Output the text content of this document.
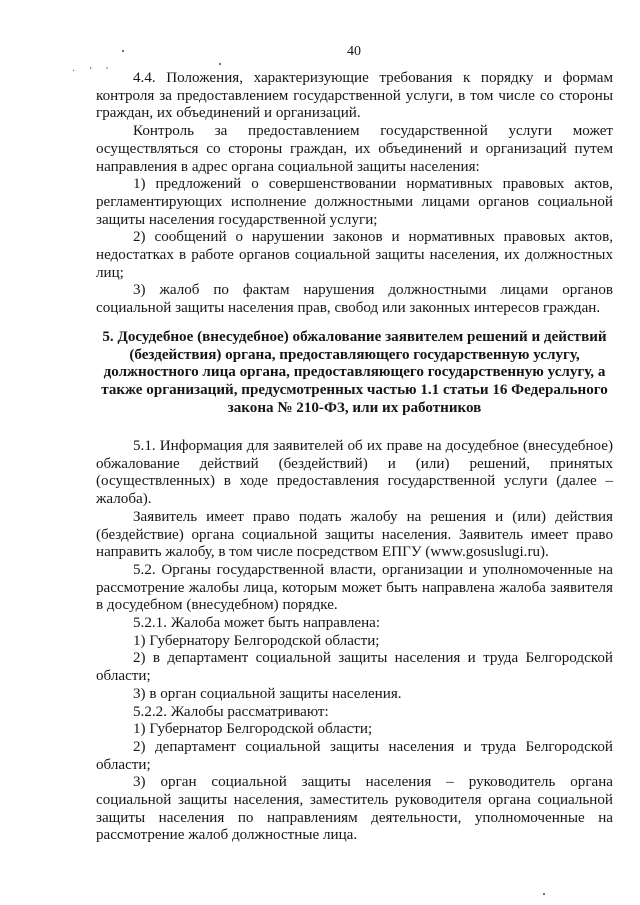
40
· ' '	4.4. Положения, характеризующие требования к порядку и формам контроля за предоставлением государственной услуги, в том числе со стороны граждан, их объединений и организаций.

Контроль за предоставлением государственной услуги может осуществляться со стороны граждан, их объединений и организаций путем направления в адрес органа социальной защиты населения:

1) предложений о совершенствовании нормативных правовых актов, регламентирующих исполнение должностными лицами органов социальной защиты населения государственной услуги;

2) сообщений о нарушении законов и нормативных правовых актов, недостатках в работе органов социальной защиты населения, их должностных лиц;

3) жалоб по фактам нарушения должностными лицами органов социальной защиты населения прав, свобод или законных интересов граждан.

5. Досудебное (внесудебное) обжалование заявителем решений и действий (бездействия) органа, предоставляющего государственную услугу, должностного лица органа, предоставляющего государственную услугу, а также организаций, предусмотренных частью 1.1 статьи 16 Федерального закона № 210-ФЗ, или их работников

5.1. Информация для заявителей об их праве на досудебное (внесудебное) обжалование действий (бездействий) и (или) решений, принятых (осуществленных) в ходе предоставления государственной услуги (далее – жалоба).

Заявитель имеет право подать жалобу на решения и (или) действия (бездействие) органа социальной защиты населения. Заявитель имеет право направить жалобу, в том числе посредством ЕПГУ (www.gosuslugi.ru).

5.2. Органы государственной власти, организации и уполномоченные на рассмотрение жалобы лица, которым может быть направлена жалоба заявителя в досудебном (внесудебном) порядке.

5.2.1. Жалоба может быть направлена:

1) Губернатору Белгородской области;

2) в департамент социальной защиты населения и труда Белгородской области;

3) в орган социальной защиты населения.

5.2.2. Жалобы рассматривают:

1) Губернатор Белгородской области;

2) департамент социальной защиты населения и труда Белгородской области;

3) орган социальной защиты населения – руководитель органа социальной защиты населения, заместитель руководителя органа социальной защиты населения по направлениям деятельности, уполномоченные на рассмотрение жалоб должностные лица.
